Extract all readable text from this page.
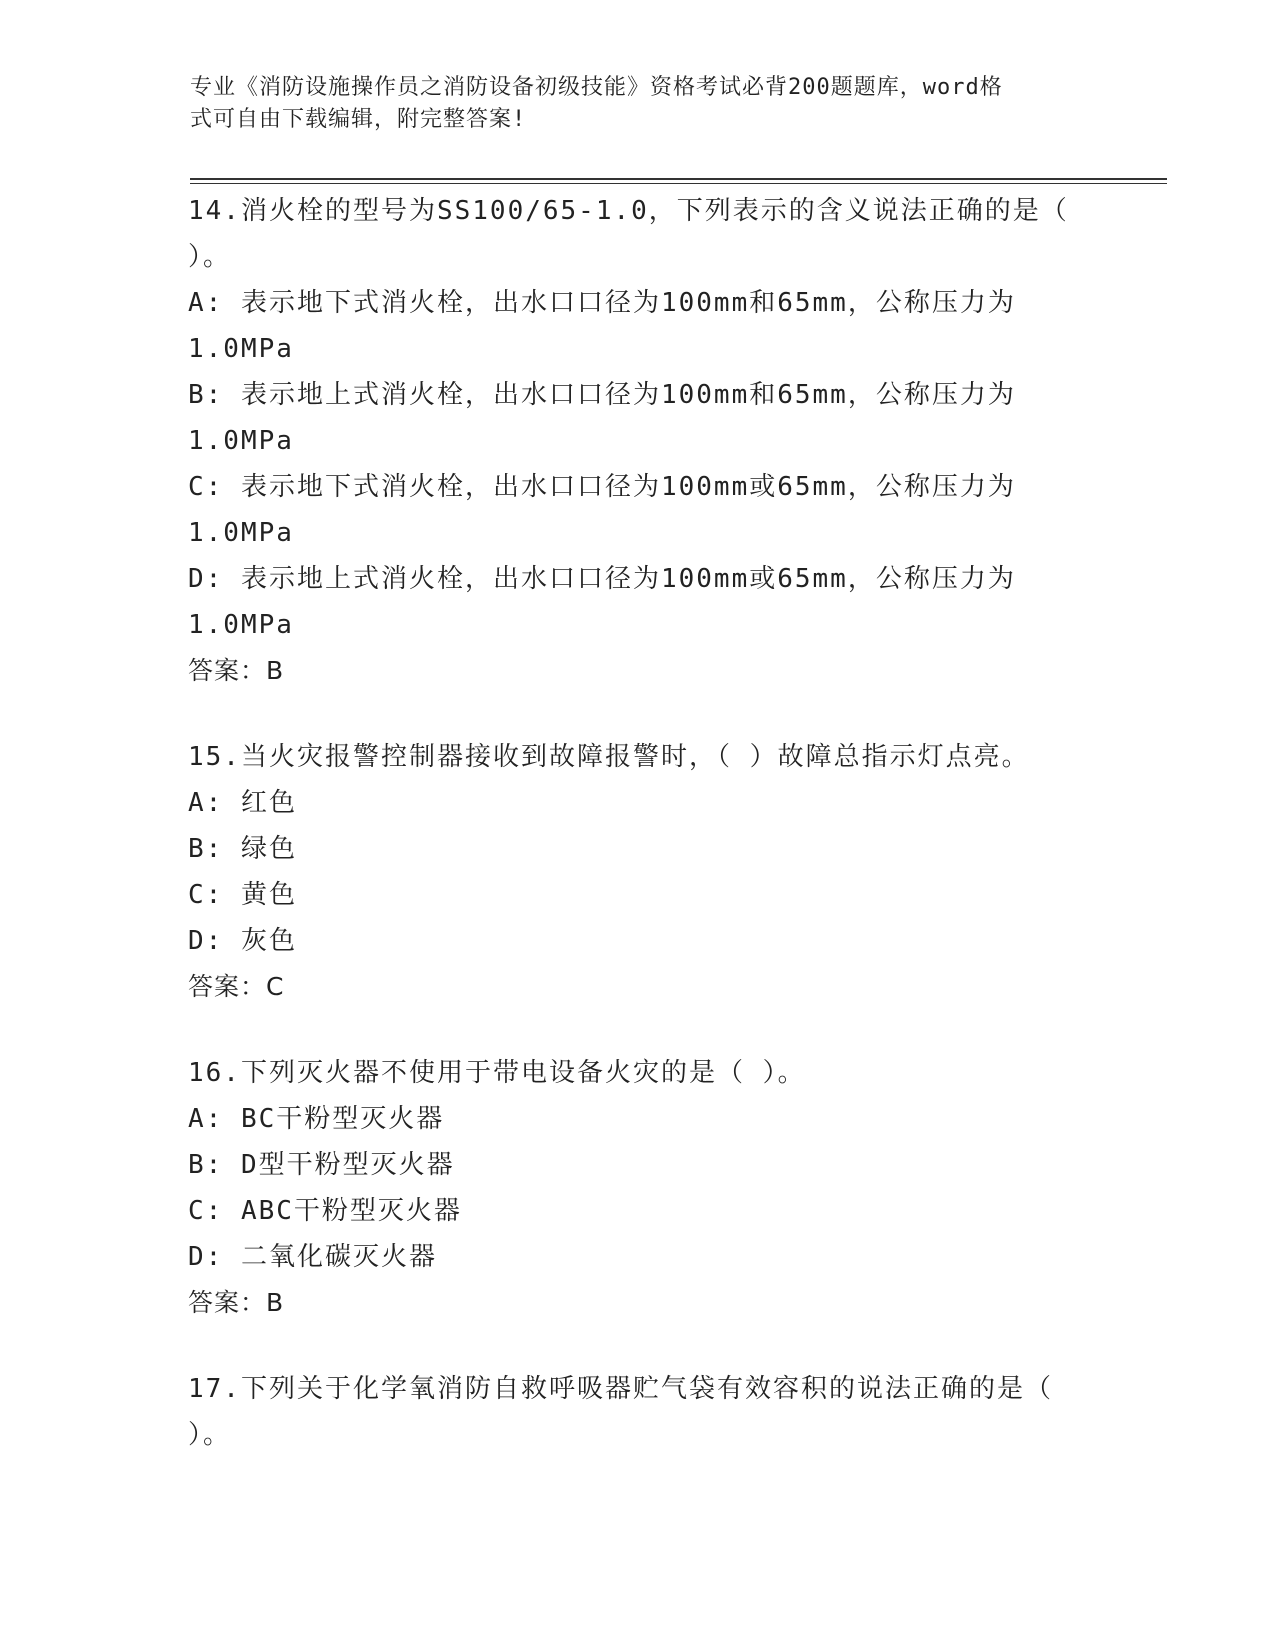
专业《消防设施操作员之消防设备初级技能》资格考试必背200题题库，word格
式可自由下载编辑，附完整答案!
14.消火栓的型号为SS100/65-1.0，下列表示的含义说法正确的是（
）。
A: 表示地下式消火栓，出水口口径为100mm和65mm，公称压力为
1.0MPa
B: 表示地上式消火栓，出水口口径为100mm和65mm，公称压力为
1.0MPa
C: 表示地下式消火栓，出水口口径为100mm或65mm，公称压力为
1.0MPa
D: 表示地上式消火栓，出水口口径为100mm或65mm，公称压力为
1.0MPa
答案：B
15.当火灾报警控制器接收到故障报警时，（ ）故障总指示灯点亮。
A: 红色
B: 绿色
C: 黄色
D: 灰色
答案：C
16.下列灭火器不使用于带电设备火灾的是（ ）。
A: BC干粉型灭火器
B: D型干粉型灭火器
C: ABC干粉型灭火器
D: 二氧化碳灭火器
答案：B
17.下列关于化学氧消防自救呼吸器贮气袋有效容积的说法正确的是（
）。
